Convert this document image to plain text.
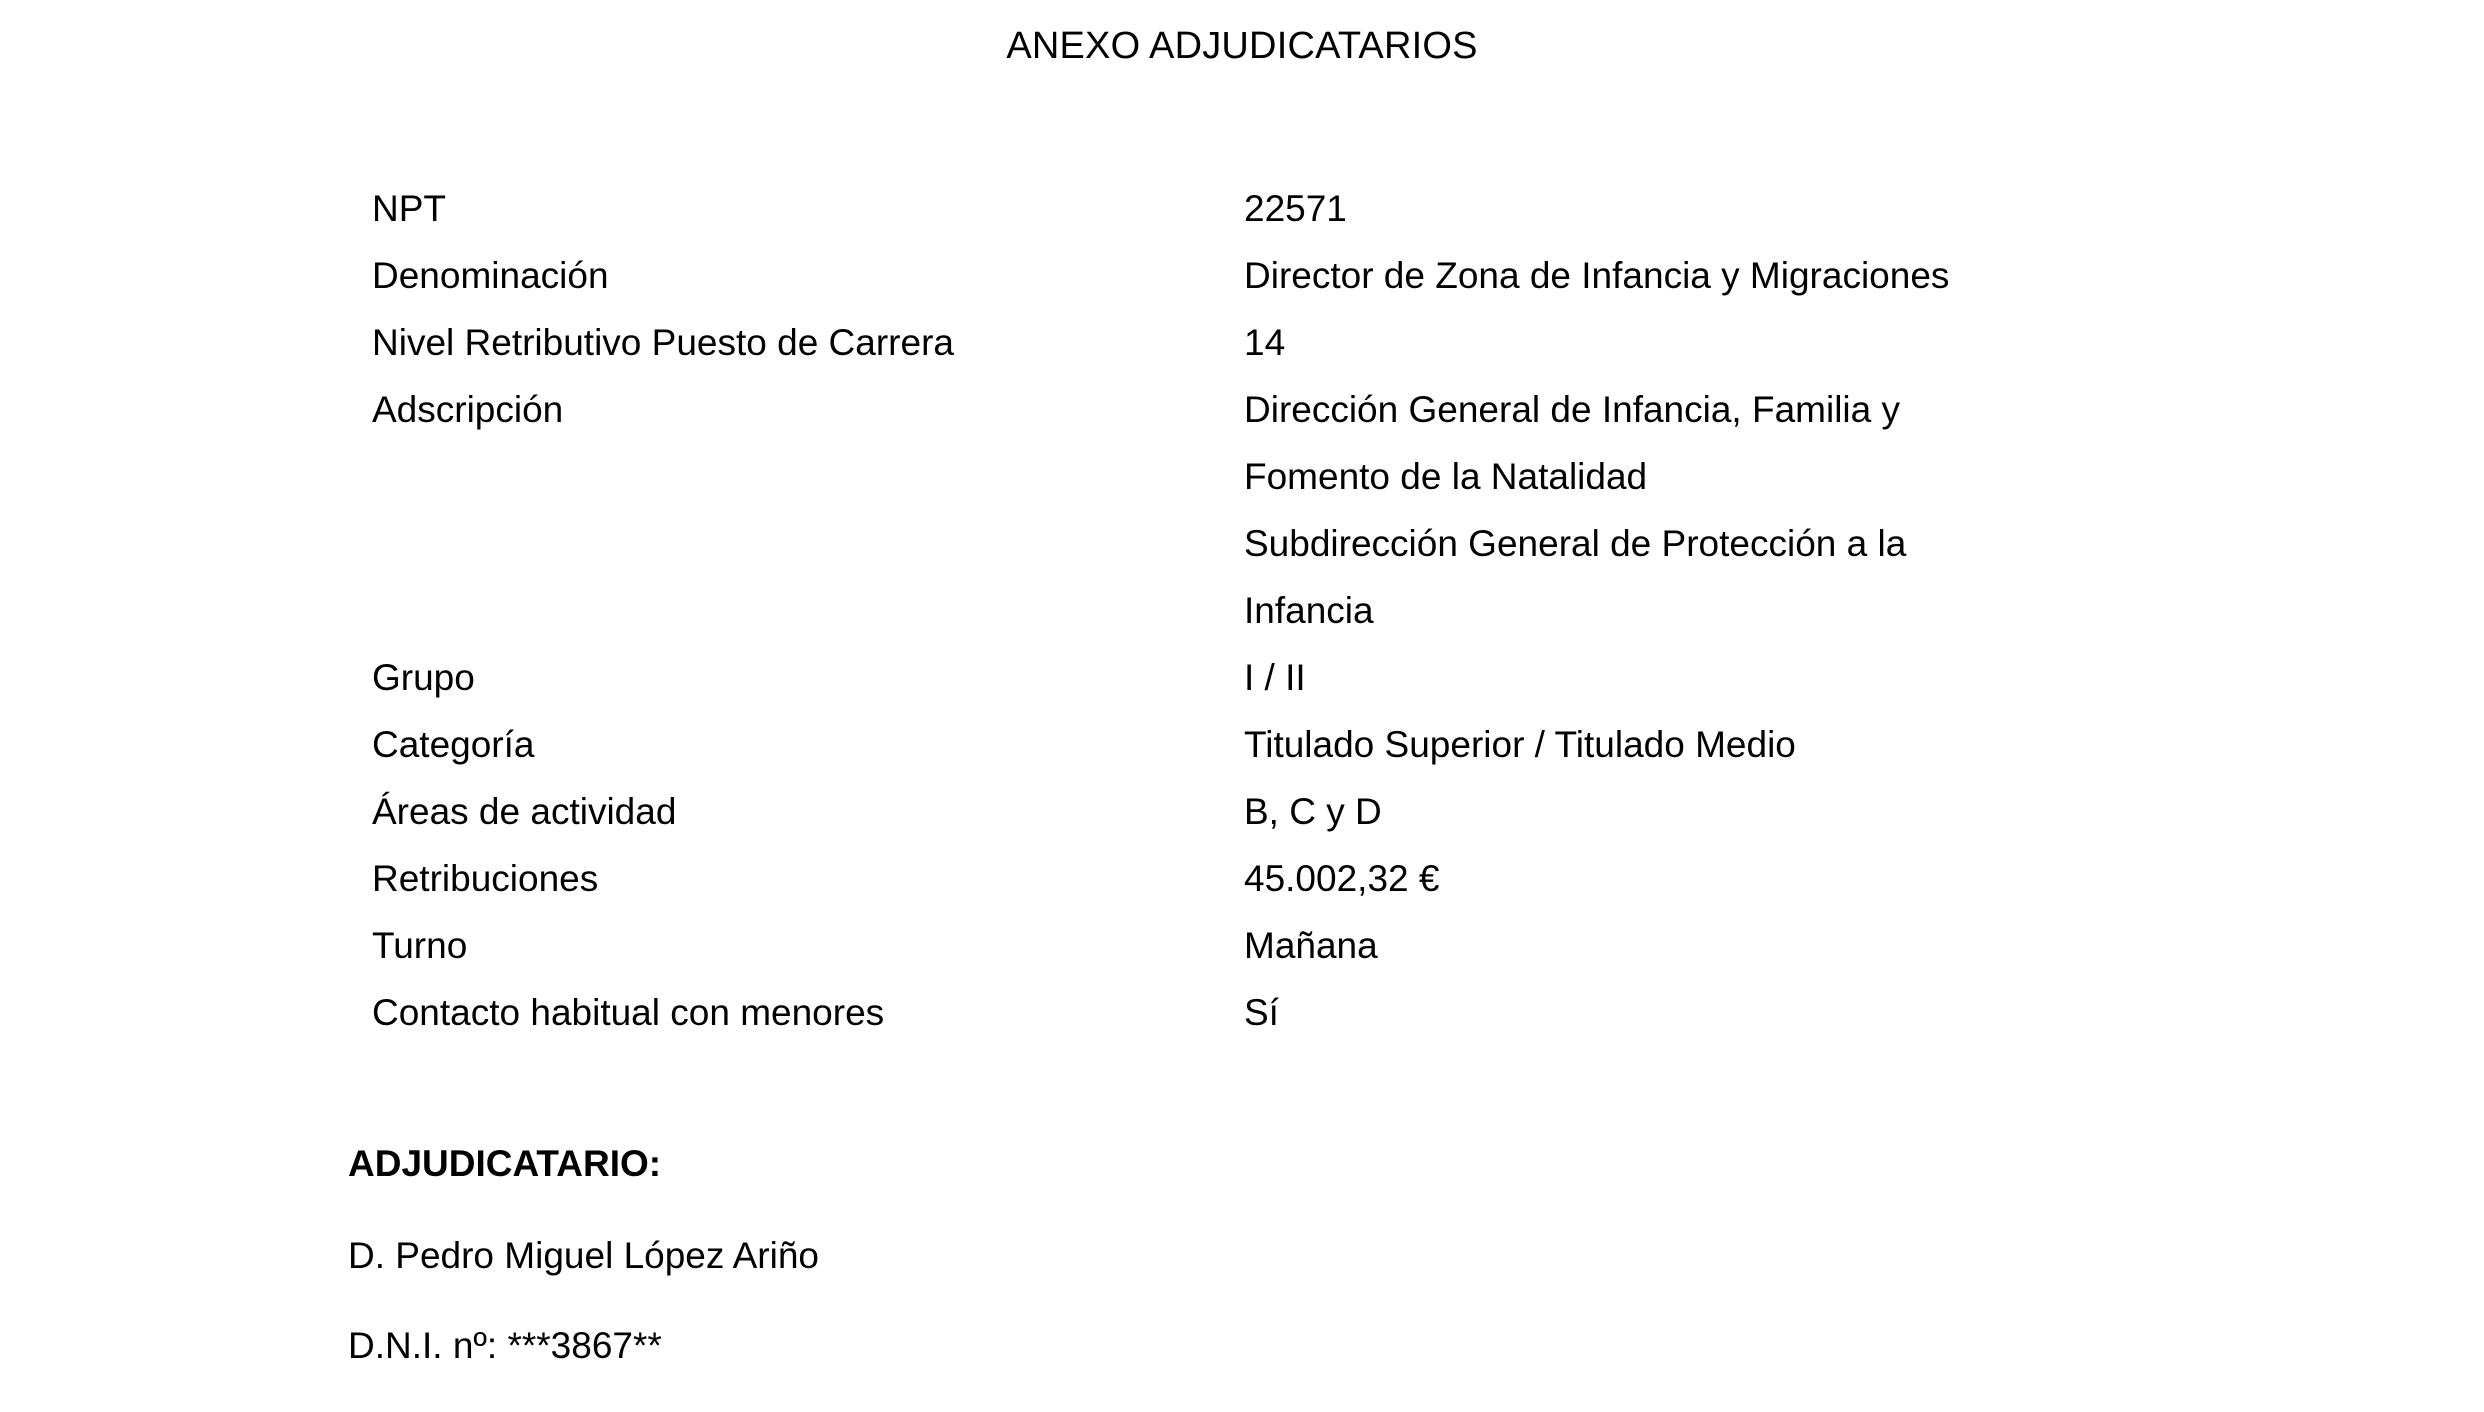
ANEXO ADJUDICATARIOS
NPT	22571
Denominación	Director de Zona de Infancia y Migraciones
Nivel Retributivo Puesto de Carrera	14
Adscripción	Dirección General de Infancia, Familia y
Fomento de la Natalidad
Subdirección General de Protección a la
Infancia
Grupo	I / II
Categoría	Titulado Superior / Titulado Medio
Áreas de actividad	B, C y D
Retribuciones	45.002,32 €
Turno	Mañana
Contacto habitual con menores	Sí
ADJUDICATARIO:
D. Pedro Miguel López Ariño
D.N.I. nº: ***3867**
